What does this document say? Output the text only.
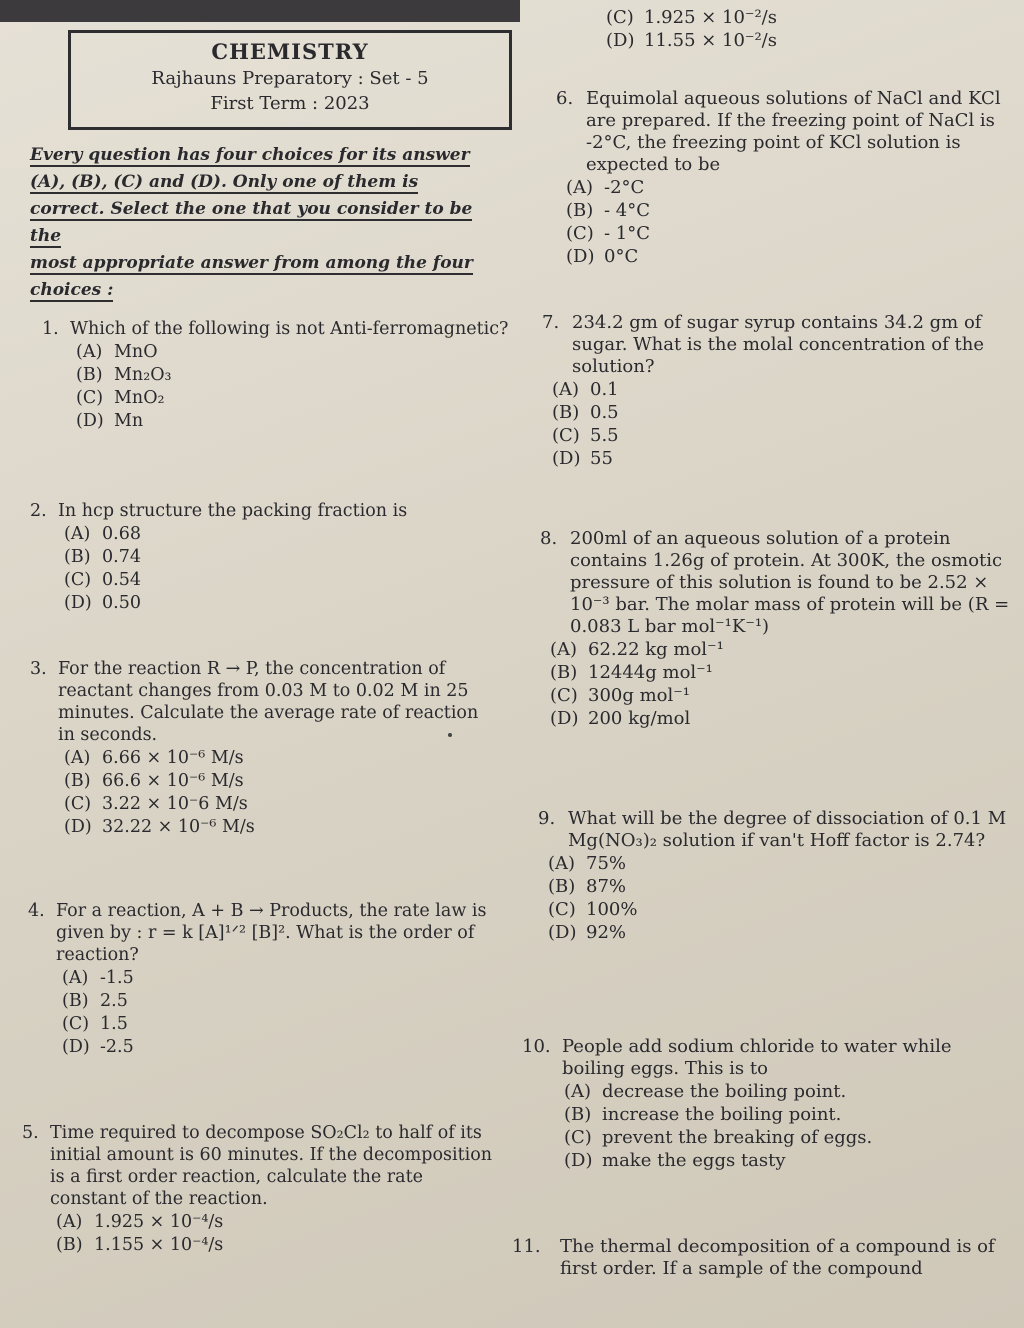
CHEMISTRY
Rajhauns Preparatory : Set - 5
First Term : 2023
Every question has four choices for its answer
(A), (B), (C) and (D). Only one of them is
correct. Select the one that you consider to be the
most appropriate answer from among the four
choices :
1. Which of the following is not Anti-ferromagnetic?
(A) MnO
(B) Mn₂O₃
(C) MnO₂
(D) Mn
2. In hcp structure the packing fraction is
(A) 0.68
(B) 0.74
(C) 0.54
(D) 0.50
3. For the reaction R → P, the concentration of reactant changes from 0.03 M to 0.02 M in 25 minutes. Calculate the average rate of reaction in seconds.
(A) 6.66 × 10⁻⁶ M/s
(B) 66.6 × 10⁻⁶ M/s
(C) 3.22 × 10⁻6 M/s
(D) 32.22 × 10⁻⁶ M/s
4. For a reaction, A + B → Products, the rate law is given by : r = k [A]¹ᐟ² [B]². What is the order of reaction?
(A) -1.5
(B) 2.5
(C) 1.5
(D) -2.5
5. Time required to decompose SO₂Cl₂ to half of its initial amount is 60 minutes. If the decomposition is a first order reaction, calculate the rate constant of the reaction.
(A) 1.925 × 10⁻⁴/s
(B) 1.155 × 10⁻⁴/s
(C) 1.925 × 10⁻²/s
(D) 11.55 × 10⁻²/s
6. Equimolal aqueous solutions of NaCl and KCl are prepared. If the freezing point of NaCl is -2°C, the freezing point of KCl solution is expected to be
(A) -2°C
(B) - 4°C
(C) - 1°C
(D) 0°C
7. 234.2 gm of sugar syrup contains 34.2 gm of sugar. What is the molal concentration of the solution?
(A) 0.1
(B) 0.5
(C) 5.5
(D) 55
8. 200ml of an aqueous solution of a protein contains 1.26g of protein. At 300K, the osmotic pressure of this solution is found to be 2.52 × 10⁻³ bar. The molar mass of protein will be (R = 0.083 L bar mol⁻¹K⁻¹)
(A) 62.22 kg mol⁻¹
(B) 12444g mol⁻¹
(C) 300g mol⁻¹
(D) 200 kg/mol
9. What will be the degree of dissociation of 0.1 M Mg(NO₃)₂ solution if van't Hoff factor is 2.74?
(A) 75%
(B) 87%
(C) 100%
(D) 92%
10. People add sodium chloride to water while boiling eggs. This is to
(A) decrease the boiling point.
(B) increase the boiling point.
(C) prevent the breaking of eggs.
(D) make the eggs tasty
11.	The thermal decomposition of a compound is of first order. If a sample of the compound
